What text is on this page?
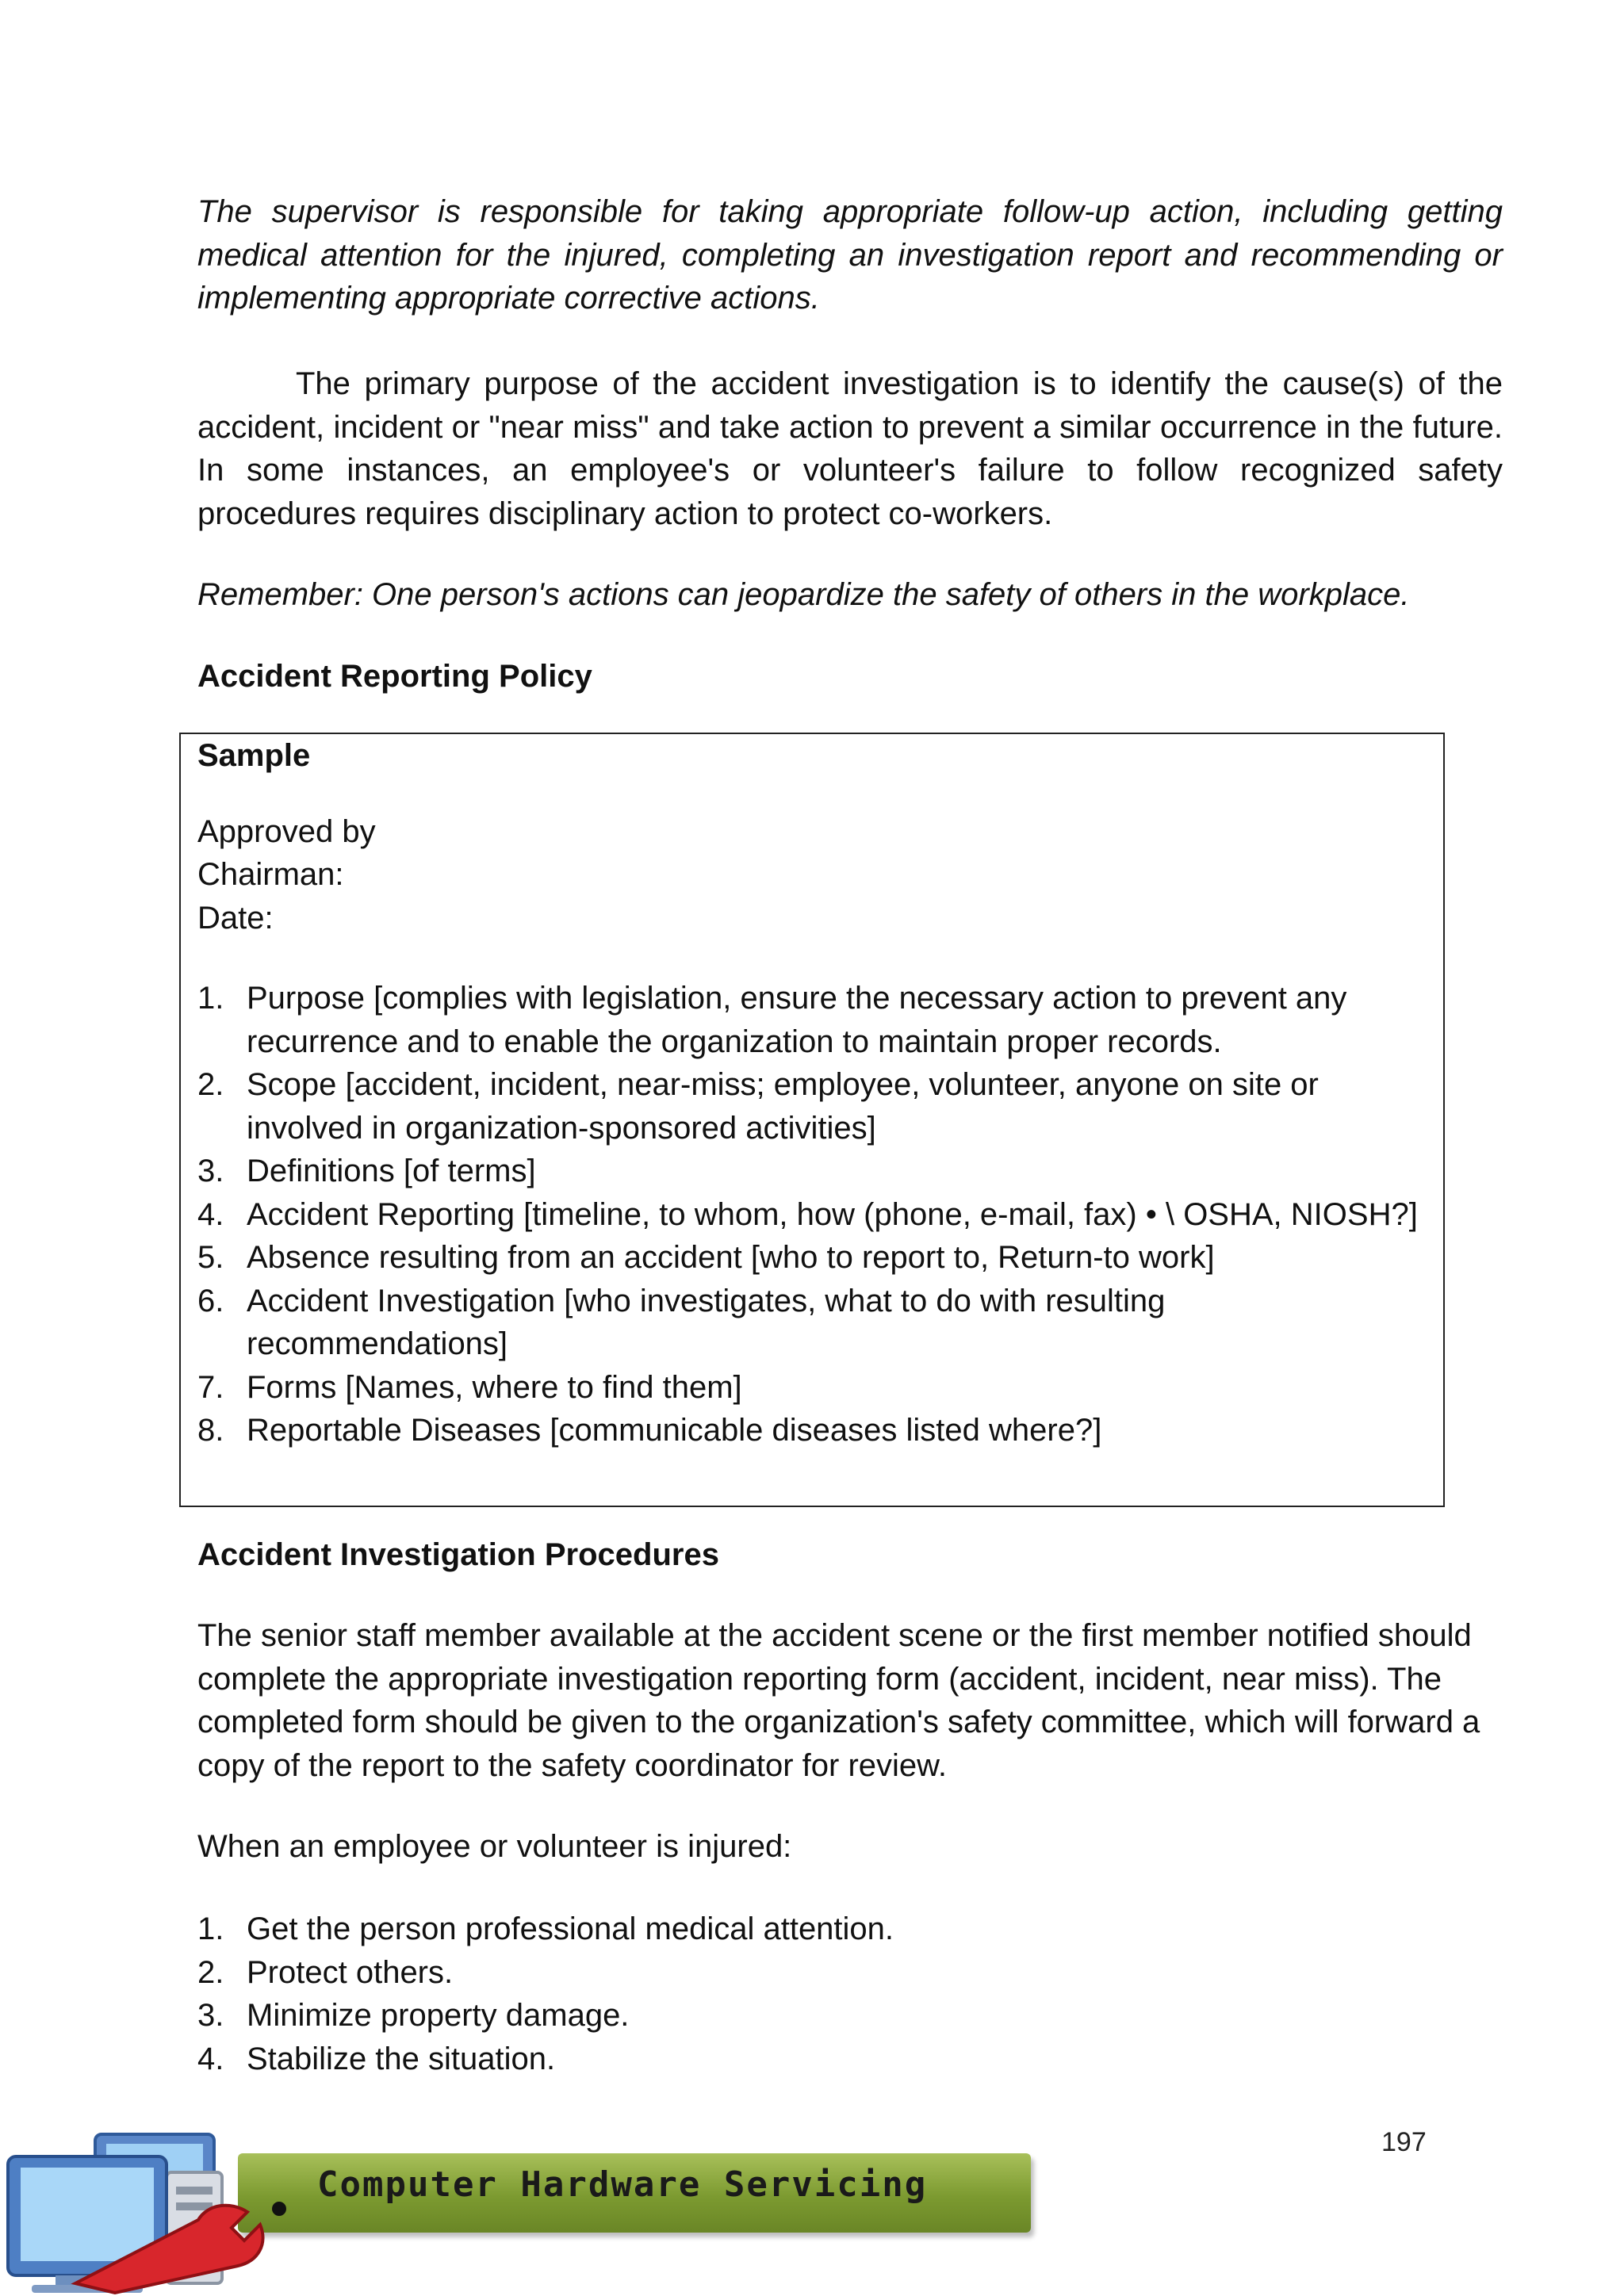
The supervisor is responsible for taking appropriate follow-up action, including getting medical attention for the injured, completing an investigation report and recommending or implementing appropriate corrective actions.

The primary purpose of the accident investigation is to identify the cause(s) of the accident, incident or "near miss" and take action to prevent a similar occurrence in the future. In some instances, an employee's or volunteer's failure to follow recognized safety procedures requires disciplinary action to protect co-workers.

Remember: One person's actions can jeopardize the safety of others in the workplace.

Accident Reporting Policy
Sample
Approved by
Chairman:
Date:
1. Purpose [complies with legislation, ensure the necessary action to prevent any recurrence and to enable the organization to maintain proper records.
2. Scope [accident, incident, near-miss; employee, volunteer, anyone on site or involved in organization-sponsored activities]
3. Definitions [of terms]
4. Accident Reporting [timeline, to whom, how (phone, e-mail, fax) • \ OSHA, NIOSH?]
5. Absence resulting from an accident [who to report to, Return-to work]
6. Accident Investigation [who investigates, what to do with resulting recommendations]
7. Forms [Names, where to find them]
8. Reportable Diseases [communicable diseases listed where?]
Accident Investigation Procedures

The senior staff member available at the accident scene or the first member notified should complete the appropriate investigation reporting form (accident, incident, near miss). The completed form should be given to the organization's safety committee, which will forward a copy of the report to the safety coordinator for review.

When an employee or volunteer is injured:

1. Get the person professional medical attention.
2. Protect others.
3. Minimize property damage.
4. Stabilize the situation.
197
Computer Hardware Servicing
